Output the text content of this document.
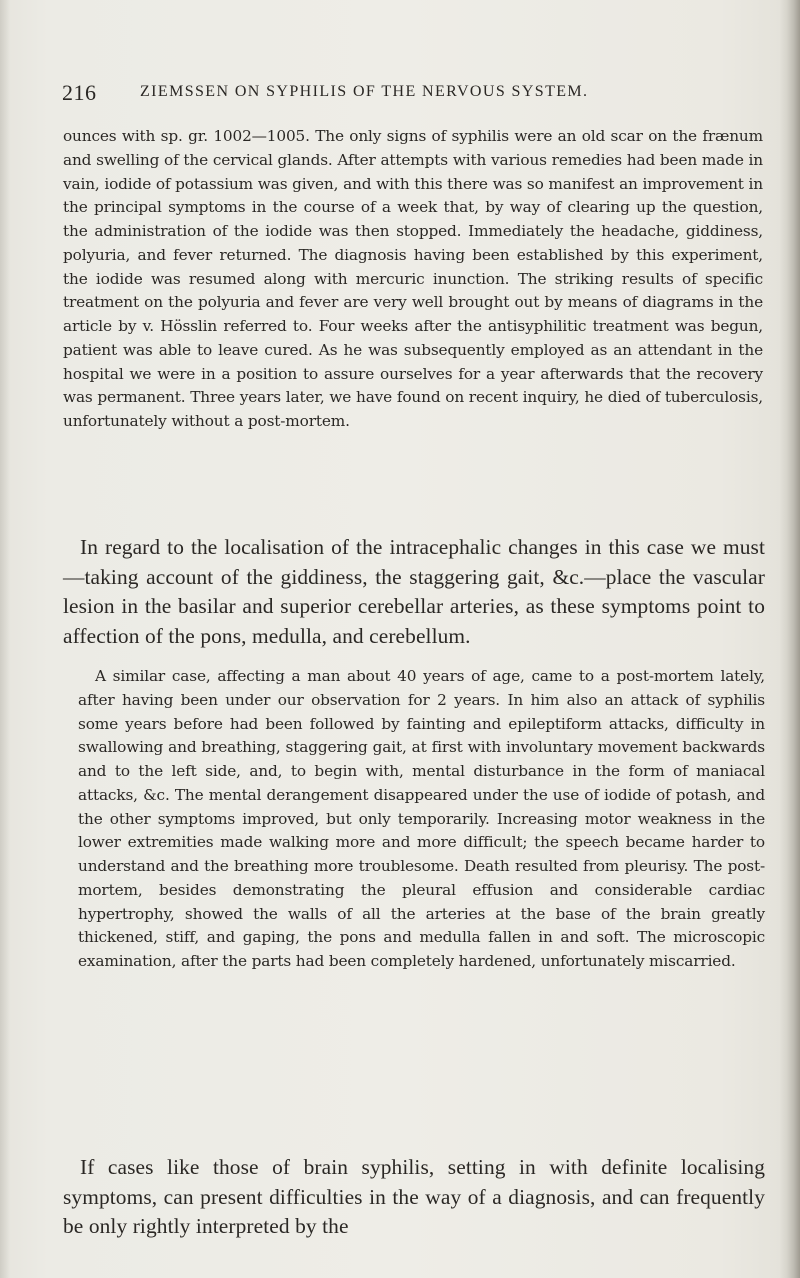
216	ZIEMSSEN ON SYPHILIS OF THE NERVOUS SYSTEM.

ounces with sp. gr. 1002—1005. The only signs of syphilis were an old scar on the frænum and swelling of the cervical glands. After attempts with various remedies had been made in vain, iodide of potassium was given, and with this there was so manifest an improvement in the principal symptoms in the course of a week that, by way of clearing up the question, the administration of the iodide was then stopped. Immediately the headache, giddiness, polyuria, and fever returned. The diagnosis having been established by this experiment, the iodide was resumed along with mercuric inunction. The striking results of specific treatment on the polyuria and fever are very well brought out by means of diagrams in the article by v. Hösslin referred to. Four weeks after the antisyphilitic treatment was begun, patient was able to leave cured. As he was subsequently employed as an attendant in the hospital we were in a position to assure ourselves for a year afterwards that the recovery was permanent. Three years later, we have found on recent inquiry, he died of tuberculosis, unfortunately without a post-mortem.

In regard to the localisation of the intracephalic changes in this case we must—taking account of the giddiness, the staggering gait, &c.—place the vascular lesion in the basilar and superior cerebellar arteries, as these symptoms point to affection of the pons, medulla, and cerebellum.

A similar case, affecting a man about 40 years of age, came to a post-mortem lately, after having been under our observation for 2 years. In him also an attack of syphilis some years before had been followed by fainting and epileptiform attacks, difficulty in swallowing and breathing, staggering gait, at first with involuntary movement backwards and to the left side, and, to begin with, mental disturbance in the form of maniacal attacks, &c. The mental derangement disappeared under the use of iodide of potash, and the other symptoms improved, but only temporarily. Increasing motor weakness in the lower extremities made walking more and more difficult; the speech became harder to understand and the breathing more troublesome. Death resulted from pleurisy. The post-mortem, besides demonstrating the pleural effusion and considerable cardiac hypertrophy, showed the walls of all the arteries at the base of the brain greatly thickened, stiff, and gaping, the pons and medulla fallen in and soft. The microscopic examination, after the parts had been completely hardened, unfortunately miscarried.

If cases like those of brain syphilis, setting in with definite localising symptoms, can present difficulties in the way of a diagnosis, and can frequently be only rightly interpreted by the
